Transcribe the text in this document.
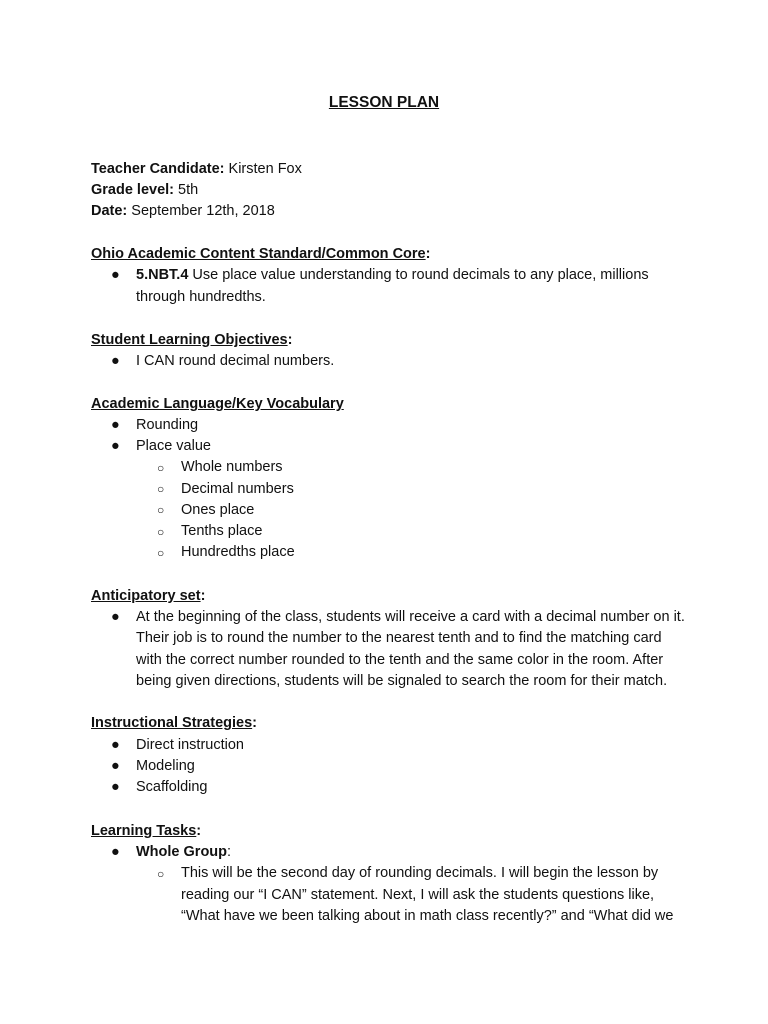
LESSON PLAN
Teacher Candidate: Kirsten Fox
Grade level: 5th
Date: September 12th, 2018
Ohio Academic Content Standard/Common Core:
● 5.NBT.4 Use place value understanding to round decimals to any place, millions
through hundredths.
Student Learning Objectives:
● I CAN round decimal numbers.
Academic Language/Key Vocabulary
● Rounding
● Place value
○ Whole numbers
○ Decimal numbers
○ Ones place
○ Tenths place
○ Hundredths place
Anticipatory set:
● At the beginning of the class, students will receive a card with a decimal number on it.
Their job is to round the number to the nearest tenth and to find the matching card
with the correct number rounded to the tenth and the same color in the room. After
being given directions, students will be signaled to search the room for their match.
Instructional Strategies:
● Direct instruction
● Modeling
● Scaffolding
Learning Tasks:
● Whole Group:
○ This will be the second day of rounding decimals. I will begin the lesson by
reading our “I CAN” statement. Next, I will ask the students questions like,
“What have we been talking about in math class recently?” and “What did we
